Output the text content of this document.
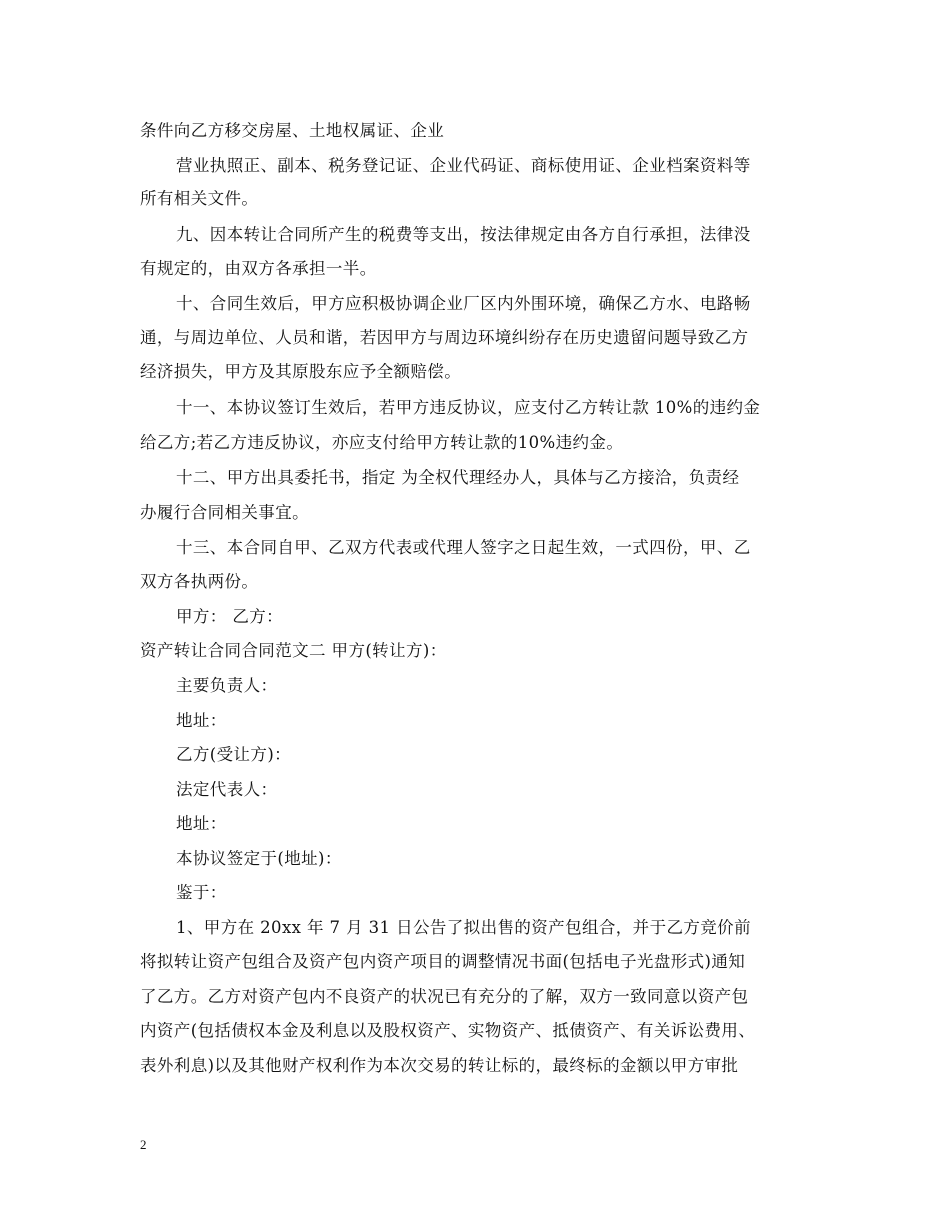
条件向乙方移交房屋、土地权属证、企业
营业执照正、副本、税务登记证、企业代码证、商标使用证、企业档案资料等
所有相关文件。
九、因本转让合同所产生的税费等支出，按法律规定由各方自行承担，法律没
有规定的，由双方各承担一半。
十、合同生效后，甲方应积极协调企业厂区内外围环境，确保乙方水、电路畅
通，与周边单位、人员和谐，若因甲方与周边环境纠纷存在历史遗留问题导致乙方
经济损失，甲方及其原股东应予全额赔偿。
十一、本协议签订生效后，若甲方违反协议，应支付乙方转让款 10%的违约金
给乙方;若乙方违反协议，亦应支付给甲方转让款的10%违约金。
十二、甲方出具委托书，指定 为全权代理经办人，具体与乙方接洽，负责经
办履行合同相关事宜。
十三、本合同自甲、乙双方代表或代理人签字之日起生效，一式四份，甲、乙
双方各执两份。
甲方： 乙方：
资产转让合同合同范文二 甲方(转让方)：
主要负责人：
地址：
乙方(受让方)：
法定代表人：
地址：
本协议签定于(地址)：
鉴于：
1、甲方在 20xx 年 7 月 31 日公告了拟出售的资产包组合，并于乙方竞价前
将拟转让资产包组合及资产包内资产项目的调整情况书面(包括电子光盘形式)通知
了乙方。乙方对资产包内不良资产的状况已有充分的了解，双方一致同意以资产包
内资产(包括债权本金及利息以及股权资产、实物资产、抵债资产、有关诉讼费用、
表外利息)以及其他财产权利作为本次交易的转让标的，最终标的金额以甲方审批
2
